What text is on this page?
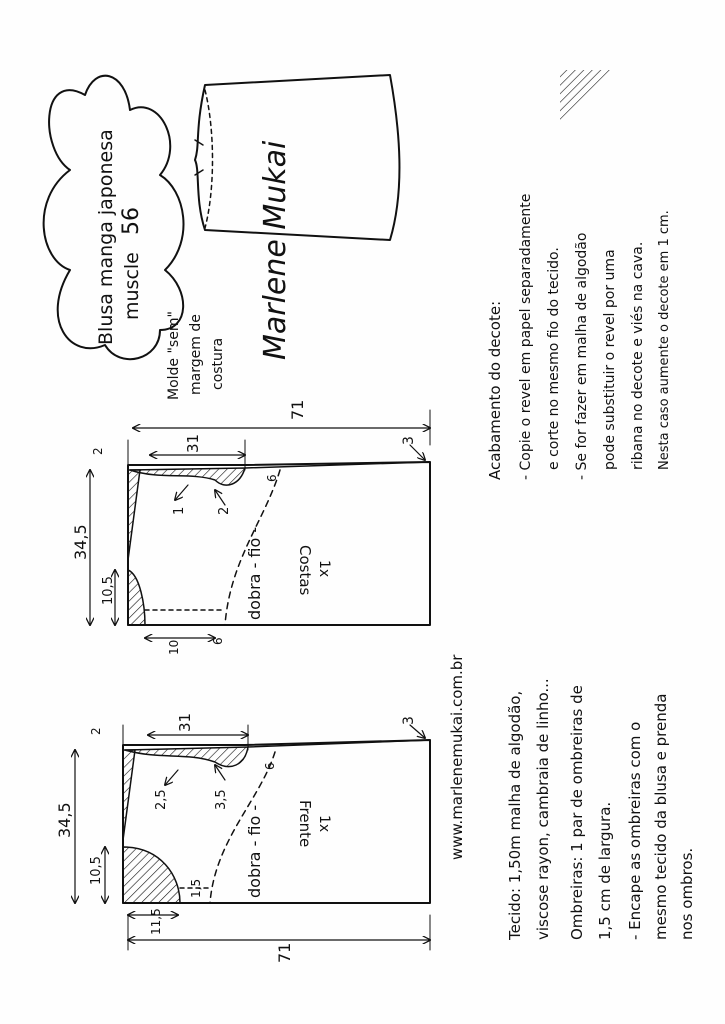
Blusa manga japonesa muscle
56
Molde "sem" margem de costura
Marlene Mukai
Costas 1x
dobra - fio -
71
34,5
10,5
31
2
3
10
6
1 2
6
Frente 1x
dobra - fio -
71
34,5
10,5
31
2
3
11,5
6
2,5	3,5
1,5
www.marlenemukai.com.br	Tecido: 1,50m malha de algodão, viscose rayon, cambraia de linho... Ombreiras: 1 par de ombreiras de 1,5 cm de largura. - Encape as ombreiras com o mesmo tecido da blusa e prenda nos ombros.
Acabamento do decote: - Copie o revel em papel separadamente e corte no mesmo fio do tecido. - Se for fazer em malha de algodão pode substituir o revel por uma ribana no decote e viés na cava. Nesta caso aumente o decote em 1 cm.
